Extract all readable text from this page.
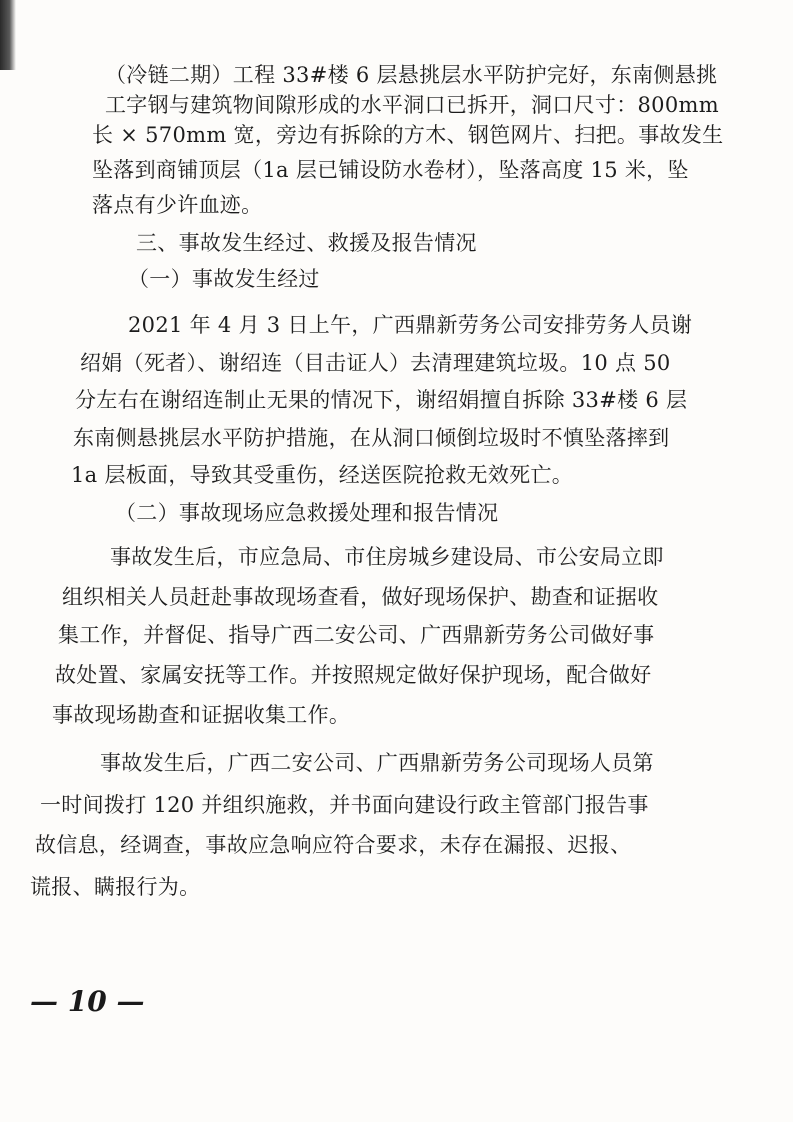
（冷链二期）工程 33#楼 6 层悬挑层水平防护完好，东南侧悬挑
工字钢与建筑物间隙形成的水平洞口已拆开，洞口尺寸：800mm
长 × 570mm 宽，旁边有拆除的方木、钢笆网片、扫把。事故发生
坠落到商铺顶层（1a 层已铺设防水卷材），坠落高度 15 米，坠
落点有少许血迹。
三、事故发生经过、救援及报告情况
（一）事故发生经过
2021 年 4 月 3 日上午，广西鼎新劳务公司安排劳务人员谢
绍娟（死者）、谢绍连（目击证人）去清理建筑垃圾。10 点 50
分左右在谢绍连制止无果的情况下，谢绍娟擅自拆除 33#楼 6 层
东南侧悬挑层水平防护措施，在从洞口倾倒垃圾时不慎坠落摔到
1a 层板面，导致其受重伤，经送医院抢救无效死亡。
（二）事故现场应急救援处理和报告情况
事故发生后，市应急局、市住房城乡建设局、市公安局立即
组织相关人员赶赴事故现场查看，做好现场保护、勘查和证据收
集工作，并督促、指导广西二安公司、广西鼎新劳务公司做好事
故处置、家属安抚等工作。并按照规定做好保护现场，配合做好
事故现场勘查和证据收集工作。
事故发生后，广西二安公司、广西鼎新劳务公司现场人员第
一时间拨打 120 并组织施救，并书面向建设行政主管部门报告事
故信息，经调查，事故应急响应符合要求，未存在漏报、迟报、
谎报、瞒报行为。
— 10 —
